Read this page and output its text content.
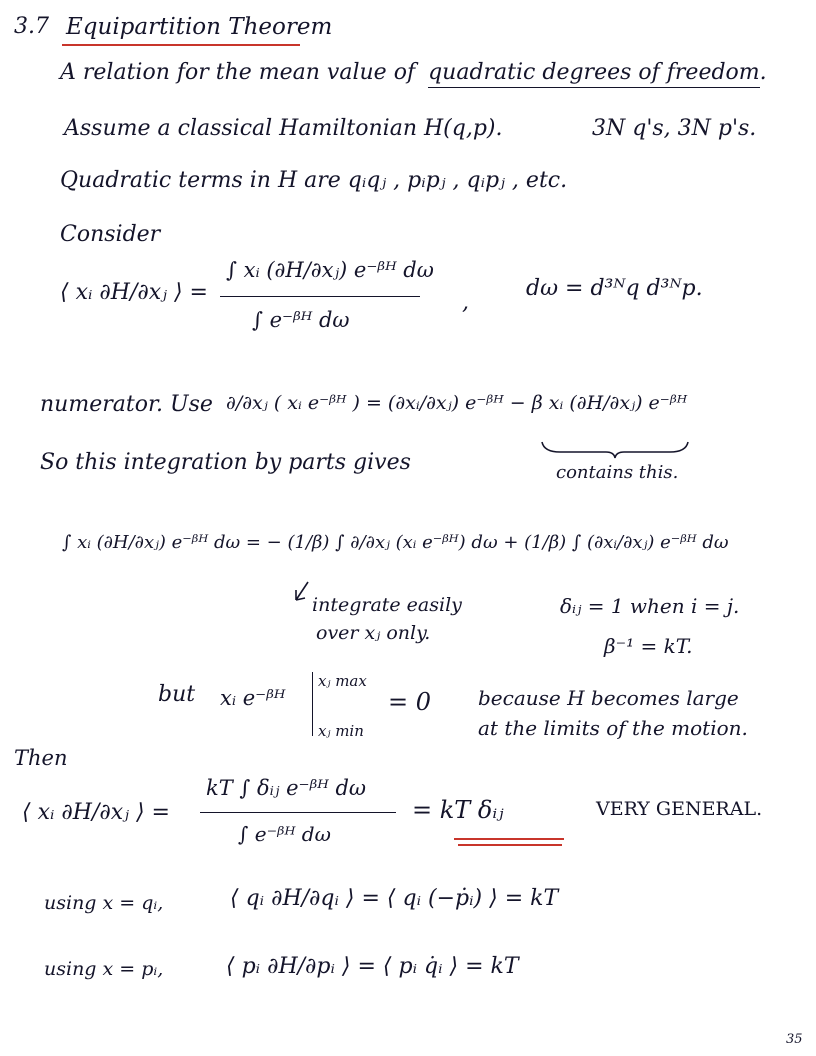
3.7 Equipartition Theorem
A relation for the mean value of quadratic degrees of freedom.
Assume a classical Hamiltonian H(q,p).	3N q's, 3N p's.
Quadratic terms in H are qᵢqⱼ , pᵢpⱼ , qᵢpⱼ , etc.
Consider
⟨ xᵢ ∂H/∂xⱼ ⟩ =
∫ xᵢ (∂H/∂xⱼ) e⁻ᵝᴴ dω
∫ e⁻ᵝᴴ dω
,
dω = d³ᴺq d³ᴺp.
numerator. Use ∂/∂xⱼ ( xᵢ e⁻ᵝᴴ ) = (∂xᵢ/∂xⱼ) e⁻ᵝᴴ − β xᵢ (∂H/∂xⱼ) e⁻ᵝᴴ
So this integration by parts gives	contains this.
∫ xᵢ (∂H/∂xⱼ) e⁻ᵝᴴ dω = − (1/β) ∫ ∂/∂xⱼ (xᵢ e⁻ᵝᴴ) dω + (1/β) ∫ (∂xᵢ/∂xⱼ) e⁻ᵝᴴ dω
integrate easily
over xⱼ only.
δᵢⱼ = 1 when i = j.
β⁻¹ = kT.
but xᵢ e⁻ᵝᴴ
xⱼ max
xⱼ min
= 0 because H becomes large
at the limits of the motion.
Then
⟨ xᵢ ∂H/∂xⱼ ⟩ =
kT ∫ δᵢⱼ e⁻ᵝᴴ dω
∫ e⁻ᵝᴴ dω
= kT δᵢⱼ	VERY GENERAL.
using x = qᵢ,	⟨ qᵢ ∂H/∂qᵢ ⟩ = ⟨ qᵢ (−ṗᵢ) ⟩ = kT
using x = pᵢ,	⟨ pᵢ ∂H/∂pᵢ ⟩ = ⟨ pᵢ q̇ᵢ ⟩ = kT
35
